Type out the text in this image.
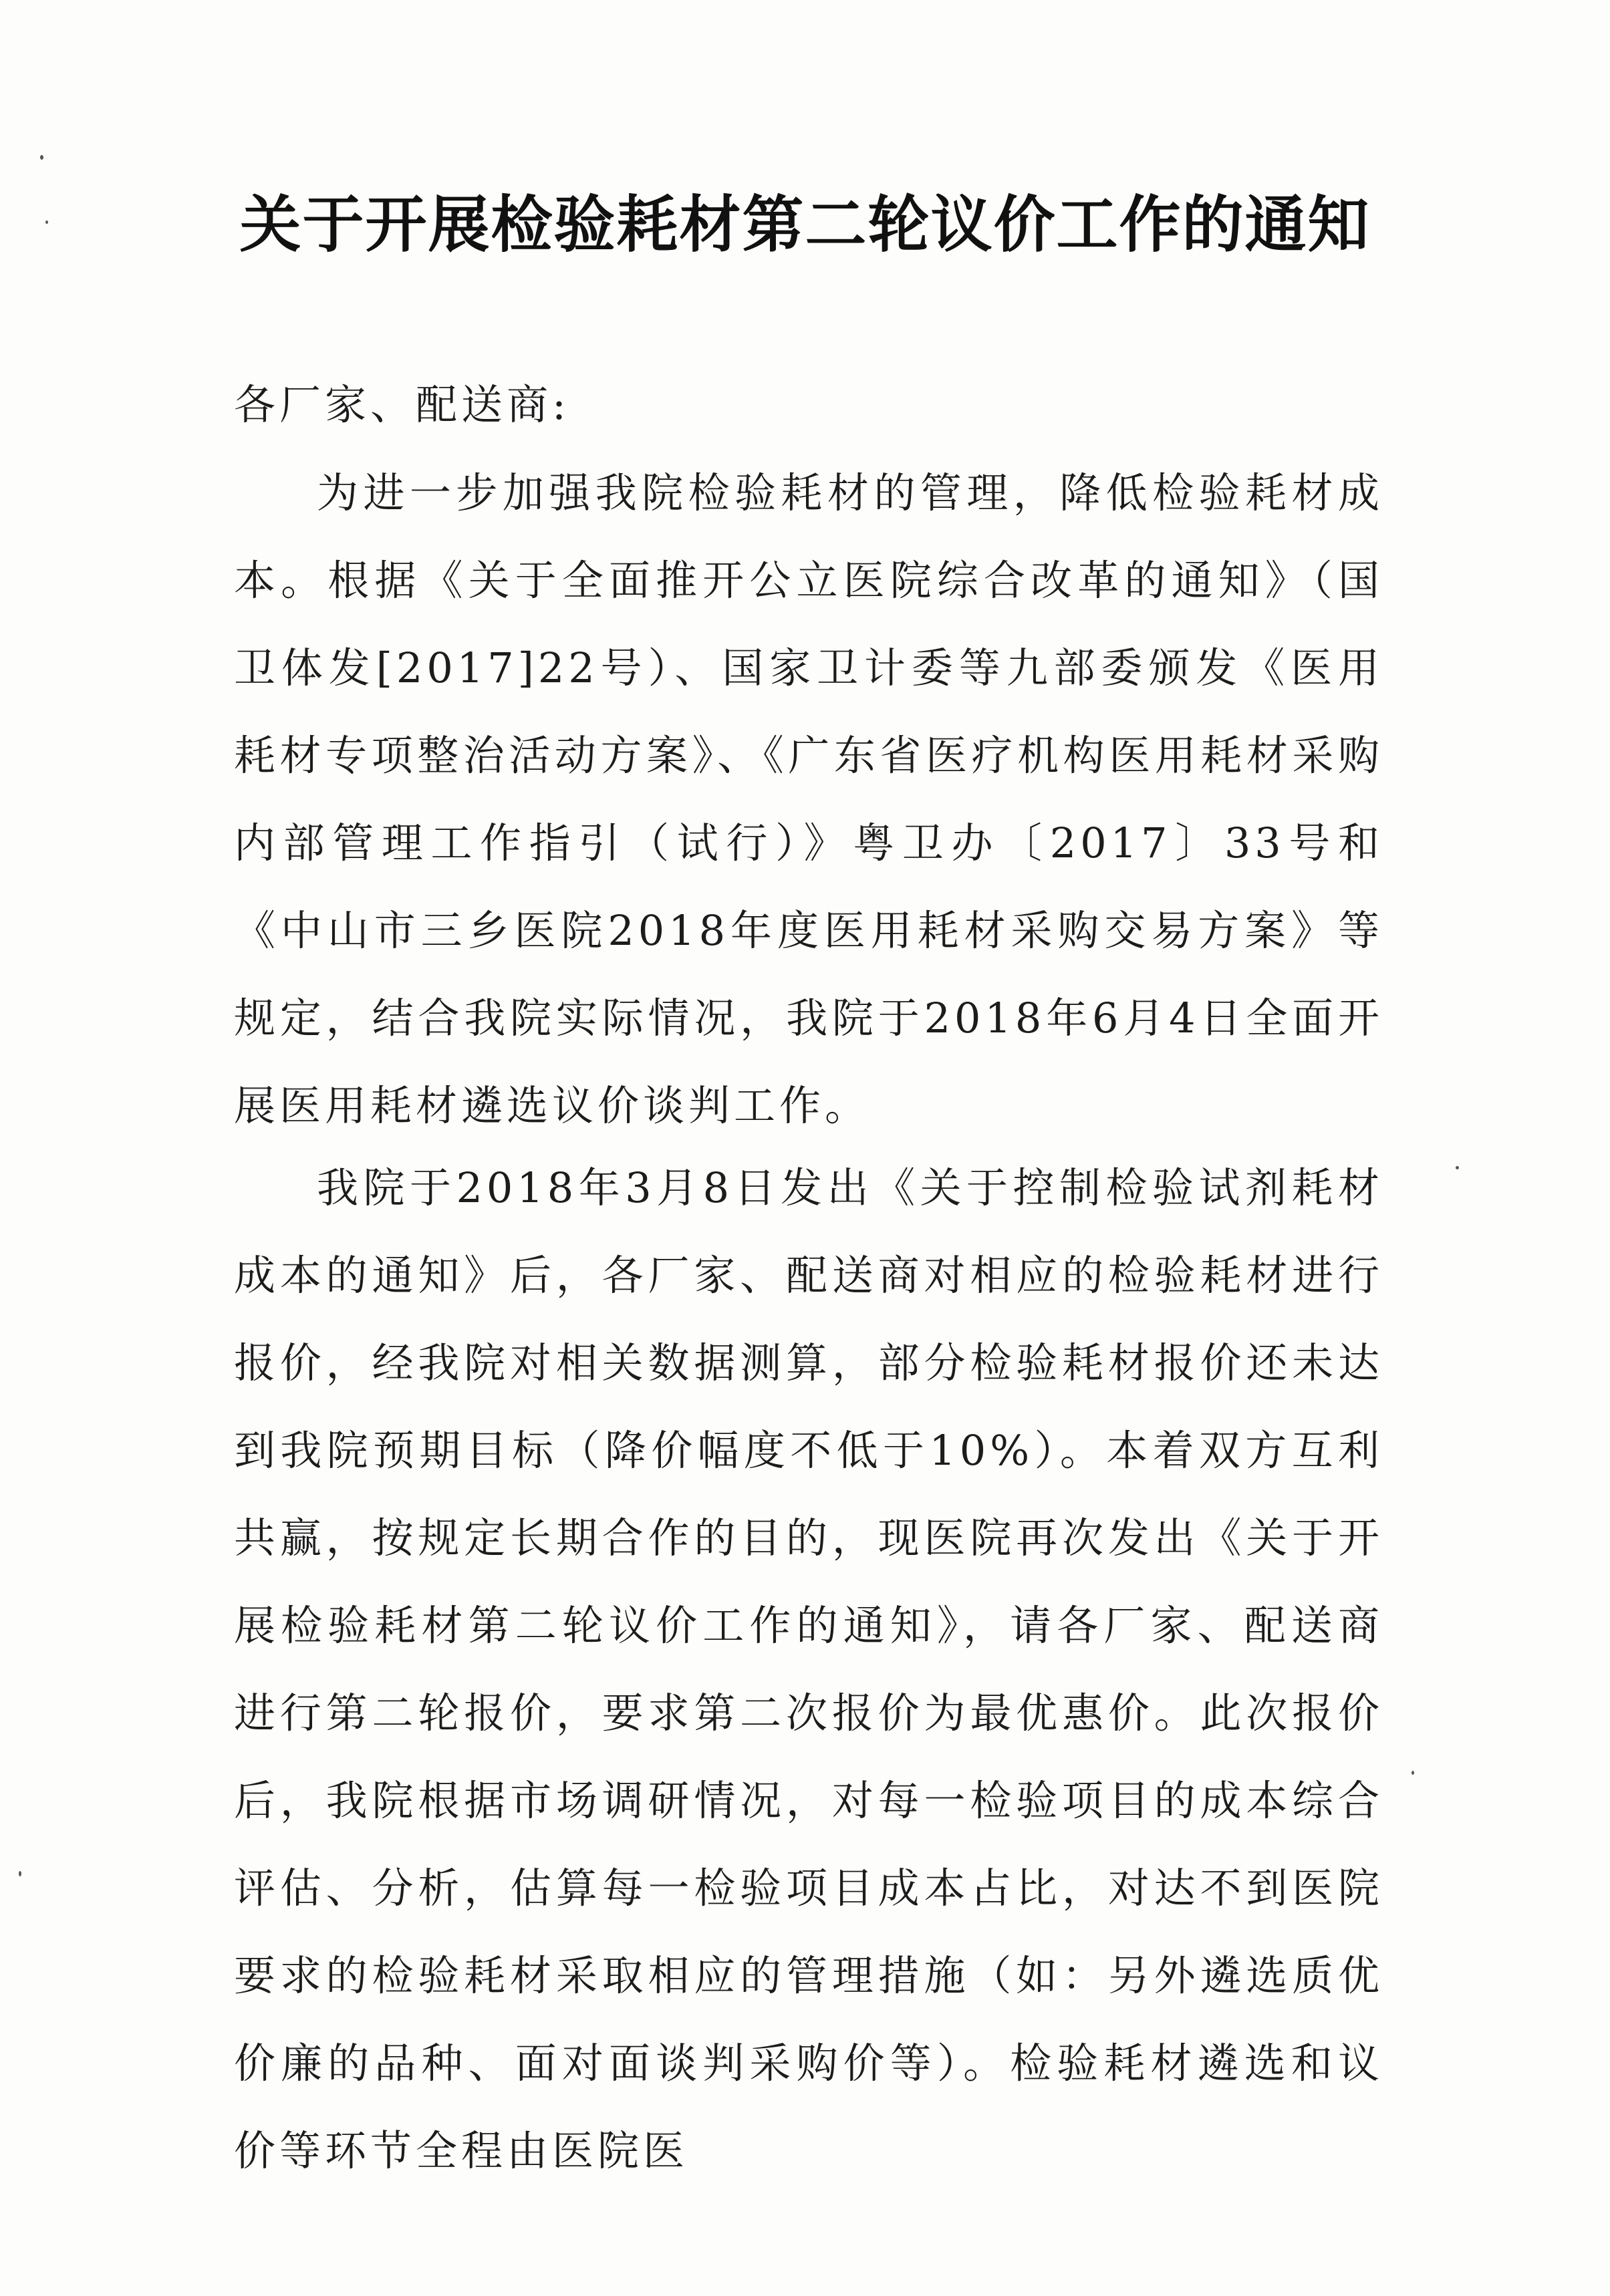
关于开展检验耗材第二轮议价工作的通知
各厂家、配送商:

为进一步加强我院检验耗材的管理，降低检验耗材成本。根据《关于全面推开公立医院综合改革的通知》（国卫体发[2017]22号）、国家卫计委等九部委颁发《医用耗材专项整治活动方案》、《广东省医疗机构医用耗材采购内部管理工作指引（试行）》粤卫办〔2017〕33号和《中山市三乡医院2018年度医用耗材采购交易方案》等规定，结合我院实际情况，我院于2018年6月4日全面开展医用耗材遴选议价谈判工作。

我院于2018年3月8日发出《关于控制检验试剂耗材成本的通知》后，各厂家、配送商对相应的检验耗材进行报价，经我院对相关数据测算，部分检验耗材报价还未达到我院预期目标（降价幅度不低于10%）。本着双方互利共赢，按规定长期合作的目的，现医院再次发出《关于开展检验耗材第二轮议价工作的通知》，请各厂家、配送商进行第二轮报价，要求第二次报价为最优惠价。此次报价后，我院根据市场调研情况，对每一检验项目的成本综合评估、分析，估算每一检验项目成本占比，对达不到医院要求的检验耗材采取相应的管理措施（如：另外遴选质优价廉的品种、面对面谈判采购价等）。检验耗材遴选和议价等环节全程由医院医
